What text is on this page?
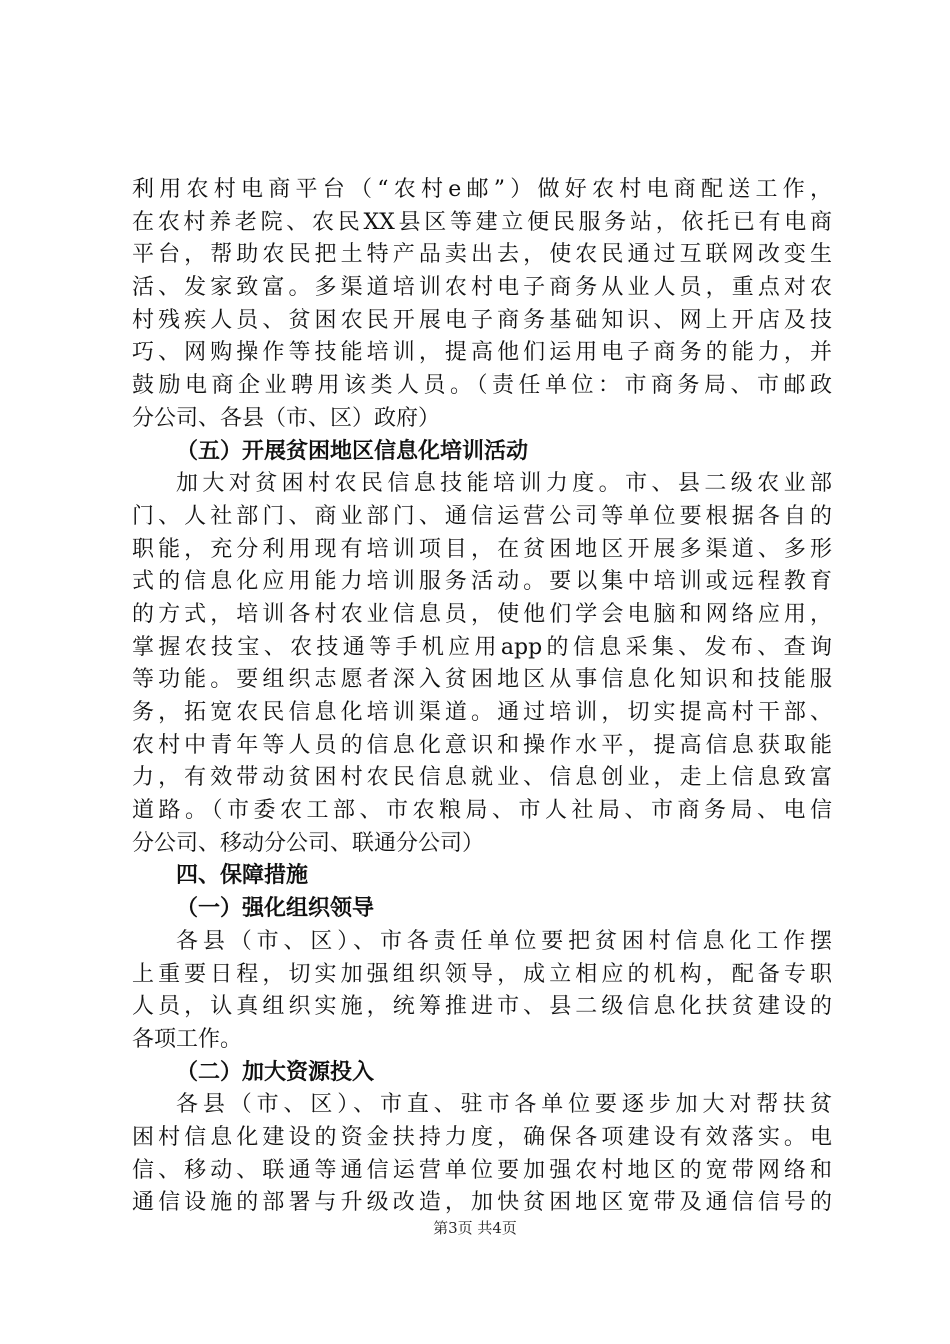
利用农村电商平台（“农村e邮”）做好农村电商配送工作，
在农村养老院、农民XX县区等建立便民服务站，依托已有电商
平台，帮助农民把土特产品卖出去，使农民通过互联网改变生
活、发家致富。多渠道培训农村电子商务从业人员，重点对农
村残疾人员、贫困农民开展电子商务基础知识、网上开店及技
巧、网购操作等技能培训，提高他们运用电子商务的能力，并
鼓励电商企业聘用该类人员。（责任单位：市商务局、市邮政
分公司、各县（市、区）政府）
（五）开展贫困地区信息化培训活动
加大对贫困村农民信息技能培训力度。市、县二级农业部
门、人社部门、商业部门、通信运营公司等单位要根据各自的
职能，充分利用现有培训项目，在贫困地区开展多渠道、多形
式的信息化应用能力培训服务活动。要以集中培训或远程教育
的方式，培训各村农业信息员，使他们学会电脑和网络应用，
掌握农技宝、农技通等手机应用app的信息采集、发布、查询
等功能。要组织志愿者深入贫困地区从事信息化知识和技能服
务，拓宽农民信息化培训渠道。通过培训，切实提高村干部、
农村中青年等人员的信息化意识和操作水平，提高信息获取能
力，有效带动贫困村农民信息就业、信息创业，走上信息致富
道路。（市委农工部、市农粮局、市人社局、市商务局、电信
分公司、移动分公司、联通分公司）
四、保障措施
（一）强化组织领导
各县（市、区）、市各责任单位要把贫困村信息化工作摆
上重要日程，切实加强组织领导，成立相应的机构，配备专职
人员，认真组织实施，统筹推进市、县二级信息化扶贫建设的
各项工作。
（二）加大资源投入
各县（市、区）、市直、驻市各单位要逐步加大对帮扶贫
困村信息化建设的资金扶持力度，确保各项建设有效落实。电
信、移动、联通等通信运营单位要加强农村地区的宽带网络和
通信设施的部署与升级改造，加快贫困地区宽带及通信信号的
第3页 共4页
